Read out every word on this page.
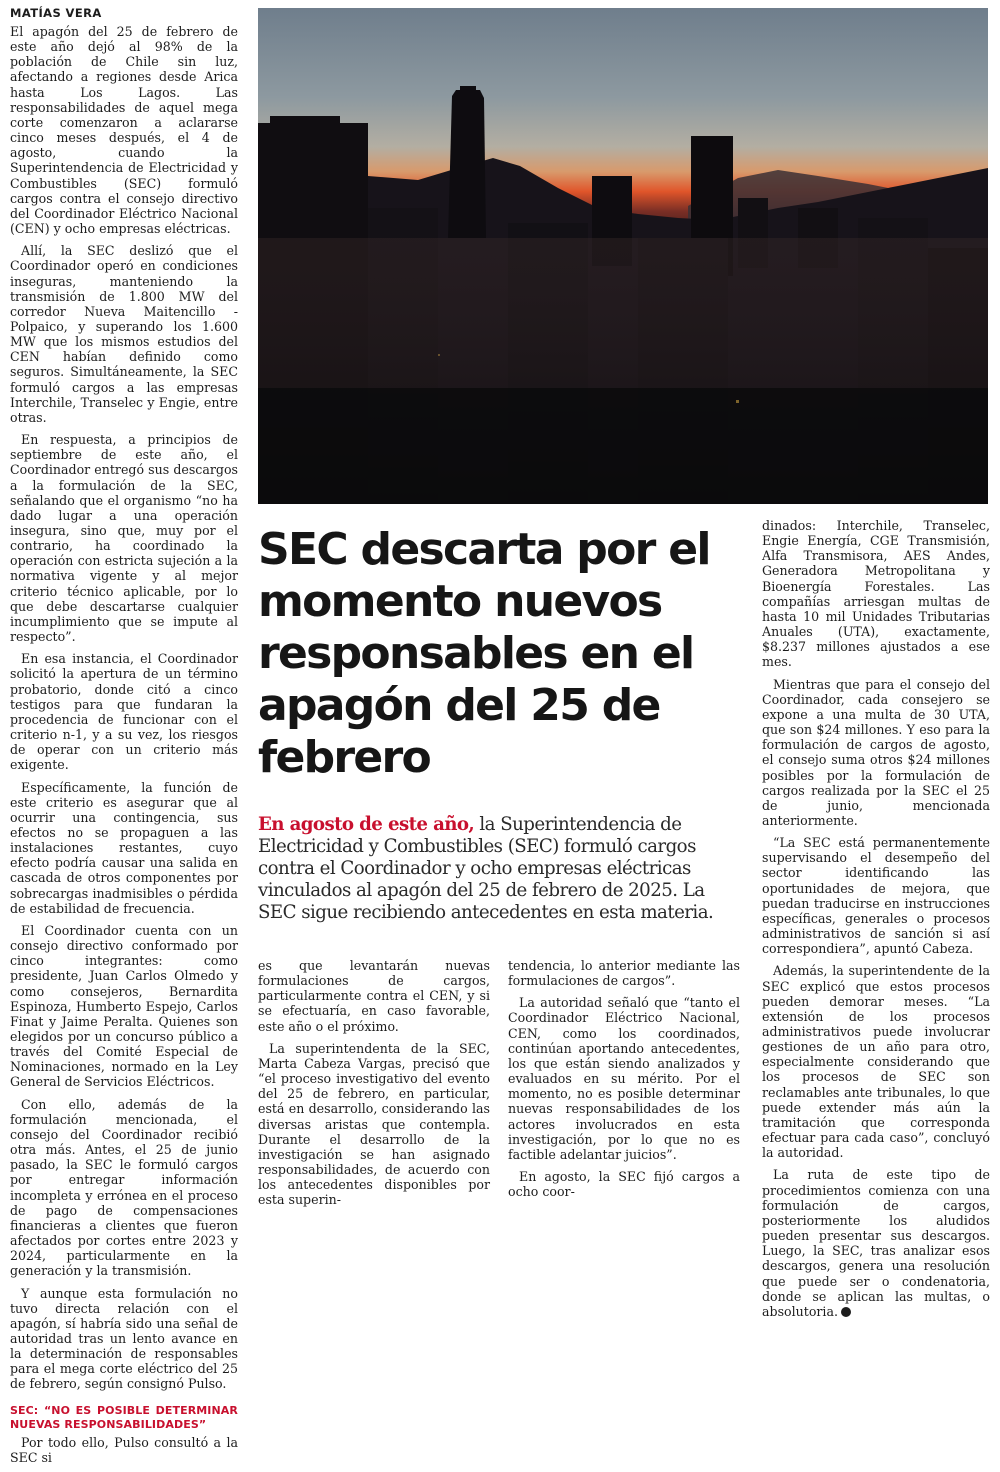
MATÍAS VERA

El apagón del 25 de febrero de este año dejó al 98% de la población de Chile sin luz, afectando a regiones desde Arica hasta Los Lagos. Las responsabilidades de aquel mega corte comenzaron a aclararse cinco meses después, el 4 de agosto, cuando la Superintendencia de Electricidad y Combustibles (SEC) formuló cargos contra el consejo directivo del Coordinador Eléctrico Nacional (CEN) y ocho empresas eléctricas.

Allí, la SEC deslizó que el Coordinador operó en condiciones inseguras, manteniendo la transmisión de 1.800 MW del corredor Nueva Maitencillo - Polpaico, y superando los 1.600 MW que los mismos estudios del CEN habían definido como seguros. Simultáneamente, la SEC formuló cargos a las empresas Interchile, Transelec y Engie, entre otras.

En respuesta, a principios de septiembre de este año, el Coordinador entregó sus descargos a la formulación de la SEC, señalando que el organismo “no ha dado lugar a una operación insegura, sino que, muy por el contrario, ha coordinado la operación con estricta sujeción a la normativa vigente y al mejor criterio técnico aplicable, por lo que debe descartarse cualquier incumplimiento que se impute al respecto”.

En esa instancia, el Coordinador solicitó la apertura de un término probatorio, donde citó a cinco testigos para que fundaran la procedencia de funcionar con el criterio n-1, y a su vez, los riesgos de operar con un criterio más exigente.

Específicamente, la función de este criterio es asegurar que al ocurrir una contingencia, sus efectos no se propaguen a las instalaciones restantes, cuyo efecto podría causar una salida en cascada de otros componentes por sobrecargas inadmisibles o pérdida de estabilidad de frecuencia.

El Coordinador cuenta con un consejo directivo conformado por cinco integrantes: como presidente, Juan Carlos Olmedo y como consejeros, Bernardita Espinoza, Humberto Espejo, Carlos Finat y Jaime Peralta. Quienes son elegidos por un concurso público a través del Comité Especial de Nominaciones, normado en la Ley General de Servicios Eléctricos.

Con ello, además de la formulación mencionada, el consejo del Coordinador recibió otra más. Antes, el 25 de junio pasado, la SEC le formuló cargos por entregar información incompleta y errónea en el proceso de pago de compensaciones financieras a clientes que fueron afectados por cortes entre 2023 y 2024, particularmente en la generación y la transmisión.

Y aunque esta formulación no tuvo directa relación con el apagón, sí habría sido una señal de autoridad tras un lento avance en la determinación de responsables para el mega corte eléctrico del 25 de febrero, según consignó Pulso.

SEC: “NO ES POSIBLE DETERMINAR NUEVAS RESPONSABILIDADES”

Por todo ello, Pulso consultó a la SEC si

SEC descarta por el momento nuevos responsables en el apagón del 25 de febrero

En agosto de este año, la Superintendencia de Electricidad y Combustibles (SEC) formuló cargos contra el Coordinador y ocho empresas eléctricas vinculados al apagón del 25 de febrero de 2025. La SEC sigue recibiendo antecedentes en esta materia.

es que levantarán nuevas formulaciones de cargos, particularmente contra el CEN, y si se efectuaría, en caso favorable, este año o el próximo.

La superintendenta de la SEC, Marta Cabeza Vargas, precisó que “el proceso investigativo del evento del 25 de febrero, en particular, está en desarrollo, considerando las diversas aristas que contempla. Durante el desarrollo de la investigación se han asignado responsabilidades, de acuerdo con los antecedentes disponibles por esta superin-

tendencia, lo anterior mediante las formulaciones de cargos”.

La autoridad señaló que “tanto el Coordinador Eléctrico Nacional, CEN, como los coordinados, continúan aportando antecedentes, los que están siendo analizados y evaluados en su mérito. Por el momento, no es posible determinar nuevas responsabilidades de los actores involucrados en esta investigación, por lo que no es factible adelantar juicios”.

En agosto, la SEC fijó cargos a ocho coor-

dinados: Interchile, Transelec, Engie Energía, CGE Transmisión, Alfa Transmisora, AES Andes, Generadora Metropolitana y Bioenergía Forestales. Las compañías arriesgan multas de hasta 10 mil Unidades Tributarias Anuales (UTA), exactamente, $8.237 millones ajustados a ese mes.

Mientras que para el consejo del Coordinador, cada consejero se expone a una multa de 30 UTA, que son $24 millones. Y eso para la formulación de cargos de agosto, el consejo suma otros $24 millones posibles por la formulación de cargos realizada por la SEC el 25 de junio, mencionada anteriormente.

“La SEC está permanentemente supervisando el desempeño del sector identificando las oportunidades de mejora, que puedan traducirse en instrucciones específicas, generales o procesos administrativos de sanción si así correspondiera”, apuntó Cabeza.

Además, la superintendente de la SEC explicó que estos procesos pueden demorar meses. “La extensión de los procesos administrativos puede involucrar gestiones de un año para otro, especialmente considerando que los procesos de SEC son reclamables ante tribunales, lo que puede extender más aún la tramitación que corresponda efectuar para cada caso”, concluyó la autoridad.

La ruta de este tipo de procedimientos comienza con una formulación de cargos, posteriormente los aludidos pueden presentar sus descargos. Luego, la SEC, tras analizar esos descargos, genera una resolución que puede ser o condenatoria, donde se aplican las multas, o absolutoria.
